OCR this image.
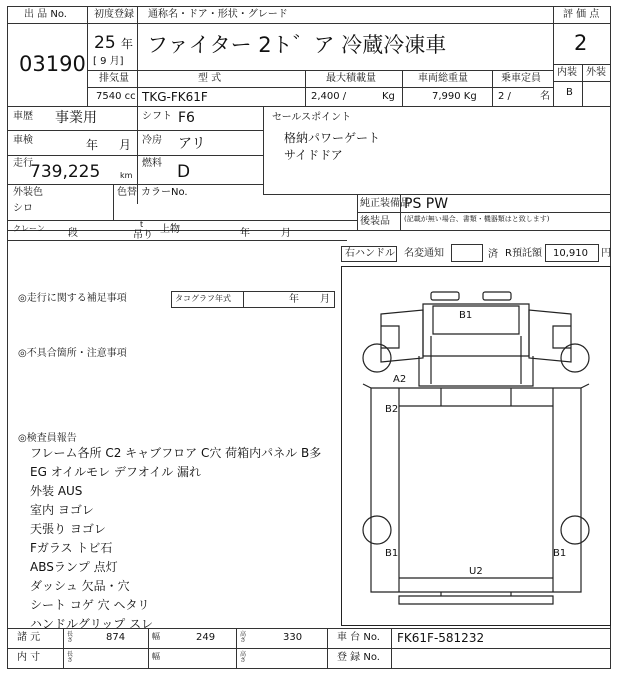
出 品 No.
03190
初度登録 通称名・ドア・形状・グレード
25 年
[ 9 月]
ファイター 2ト゛ア 冷蔵冷凍車
評 価 点
2
内装 外装
B
排気量	型 式	最大積載量	車両総重量	乗車定員
7540 cc TKG-FK61F	2,400 /	Kg	7,990 Kg 2 /	名
車歴 事業用	シフト F6
車検	年 月 冷房 アリ
走行
739,225 km
燃料 D
外装色
シロ
色替 カラーNo.
セールスポイント
格納パワーゲート
サイドドア
純正装備品
PS PW
後装品 (記載が無い場合、書類・機器類はと致します)
クレーン 段
t
吊り
上物	年	月
右ハンドル 名変通知	済 R預託額 10,910 円
◎走行に関する補足事項	タコグラフ年式	年 月
◎不具合箇所・注意事項
◎検査員報告
フレーム各所 C2 キャブフロア C穴 荷箱内パネル B多
EG オイルモレ デフオイル 漏れ
外装 AUS
室内 ヨゴレ
天張り ヨゴレ
Fガラス トビ石
ABSランプ 点灯
ダッシュ 欠品・穴
シート コゲ 穴 ヘタリ
ハンドルグリップ スレ
B1
A2
B2
B1	B1
U2
諸 元	長さ	874	幅	249	高さ	330	車 台 No. FK61F-581232
内 寸	長さ	幅	高さ	登 録 No.
